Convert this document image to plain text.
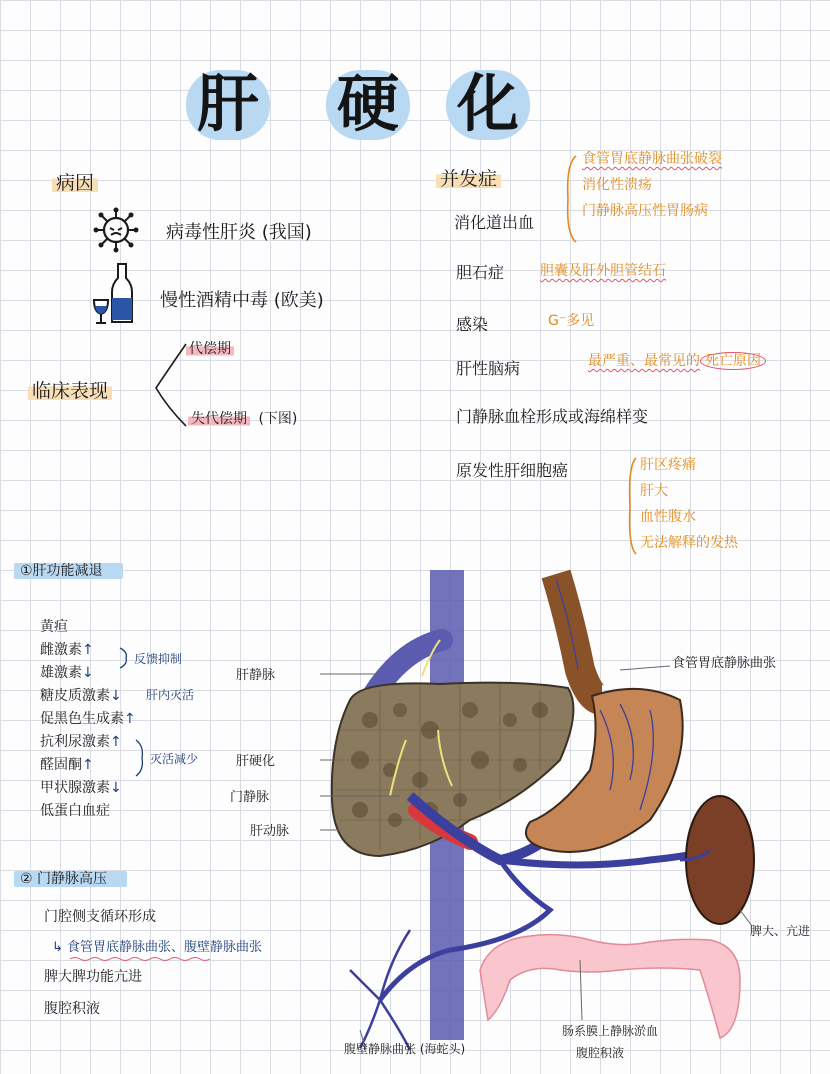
肝 硬 化
病因
病毒性肝炎 (我国)
慢性酒精中毒 (欧美)
临床表现
代偿期
失代偿期 (下图)
并发症
消化道出血
食管胃底静脉曲张破裂
消化性溃疡
门静脉高压性胃肠病
胆石症	胆囊及肝外胆管结石
感染	G⁻多见
肝性脑病	最严重、最常见的 死亡原因
门静脉血栓形成或海绵样变
原发性肝细胞癌	肝区疼痛
肝大
血性腹水
无法解释的发热
①肝功能减退
黄疸
雌激素↑
雄激素↓
糖皮质激素↓
促黑色生成素↑
抗利尿激素↑
醛固酮↑
甲状腺激素↓
低蛋白血症
反馈抑制
肝内灭活
灭活减少
② 门静脉高压
门腔侧支循环形成
↳ 食管胃底静脉曲张、腹壁静脉曲张
脾大脾功能亢进
腹腔积液
肝静脉
肝硬化
门静脉
肝动脉
食管胃底静脉曲张
脾大、亢进
腹壁静脉曲张 (海蛇头)
肠系膜上静脉淤血
腹腔积液
